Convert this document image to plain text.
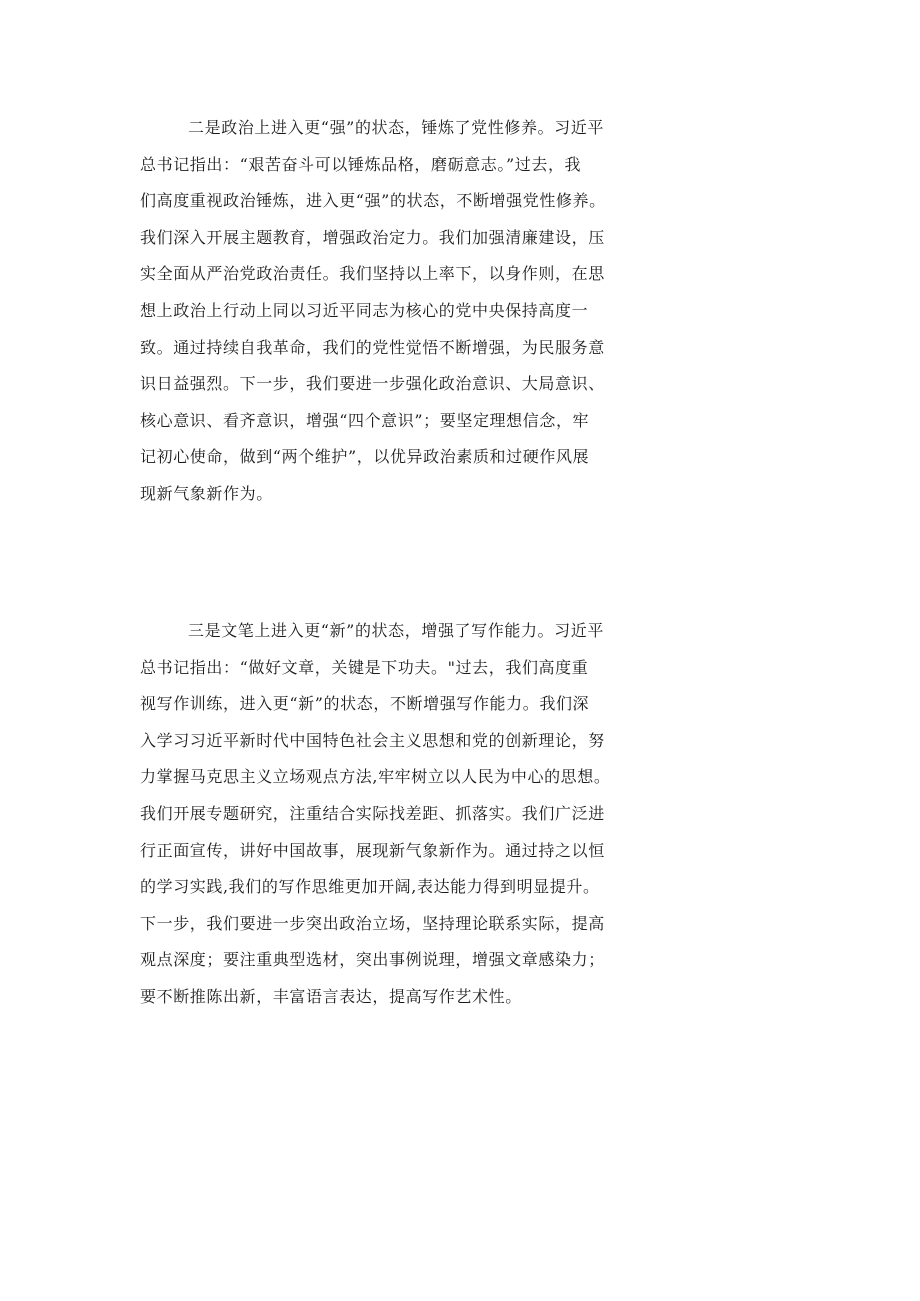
二是政治上进入更“强”的状态，锤炼了党性修养。习近平
总书记指出：“艰苦奋斗可以锤炼品格，磨砺意志。”过去，我
们高度重视政治锤炼，进入更“强”的状态，不断增强党性修养。
我们深入开展主题教育，增强政治定力。我们加强清廉建设，压
实全面从严治党政治责任。我们坚持以上率下，以身作则，在思
想上政治上行动上同以习近平同志为核心的党中央保持高度一
致。通过持续自我革命，我们的党性觉悟不断增强，为民服务意
识日益强烈。下一步，我们要进一步强化政治意识、大局意识、
核心意识、看齐意识，增强“四个意识”；要坚定理想信念，牢
记初心使命，做到“两个维护”，以优异政治素质和过硬作风展
现新气象新作为。
三是文笔上进入更“新”的状态，增强了写作能力。习近平
总书记指出：“做好文章，关键是下功夫。"过去，我们高度重
视写作训练，进入更“新”的状态，不断增强写作能力。我们深
入学习习近平新时代中国特色社会主义思想和党的创新理论，努
力掌握马克思主义立场观点方法,牢牢树立以人民为中心的思想。
我们开展专题研究，注重结合实际找差距、抓落实。我们广泛进
行正面宣传，讲好中国故事，展现新气象新作为。通过持之以恒
的学习实践,我们的写作思维更加开阔,表达能力得到明显提升。
下一步，我们要进一步突出政治立场，坚持理论联系实际，提高
观点深度；要注重典型选材，突出事例说理，增强文章感染力；
要不断推陈出新，丰富语言表达，提高写作艺术性。
